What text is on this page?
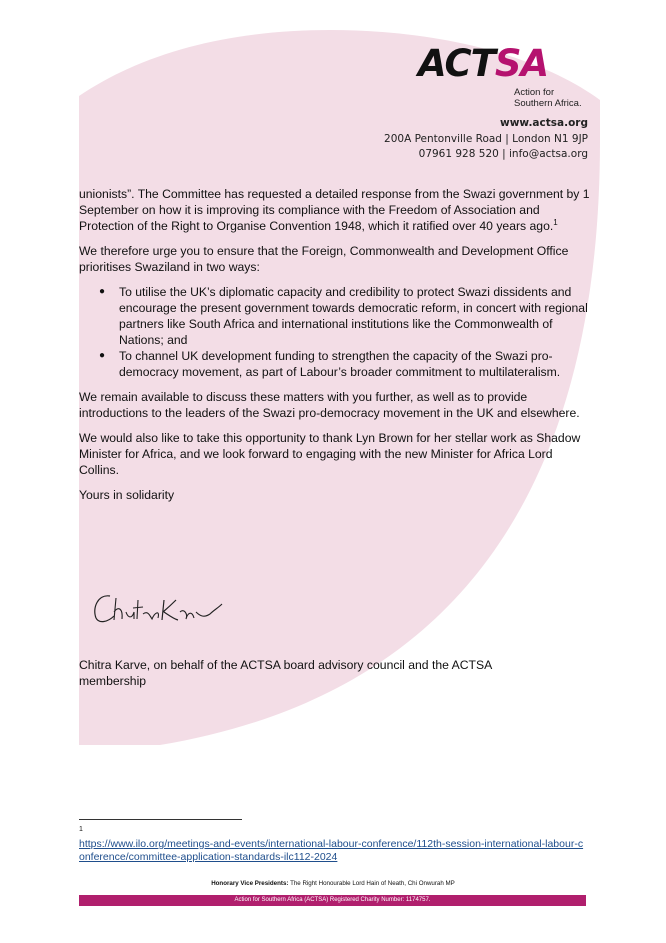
ACTSA
Action for
Southern Africa.
www.actsa.org
200A Pentonville Road | London N1 9JP
07961 928 520 | info@actsa.org

unionists”. The Committee has requested a detailed response from the Swazi government by 1 September on how it is improving its compliance with the Freedom of Association and Protection of the Right to Organise Convention 1948, which it ratified over 40 years ago.$^1$

We therefore urge you to ensure that the Foreign, Commonwealth and Development Office prioritises Swaziland in two ways:

● To utilise the UK’s diplomatic capacity and credibility to protect Swazi dissidents and encourage the present government towards democratic reform, in concert with regional partners like South Africa and international institutions like the Commonwealth of Nations; and
● To channel UK development funding to strengthen the capacity of the Swazi pro-democracy movement, as part of Labour’s broader commitment to multilateralism.

We remain available to discuss these matters with you further, as well as to provide introductions to the leaders of the Swazi pro-democracy movement in the UK and elsewhere.

We would also like to take this opportunity to thank Lyn Brown for her stellar work as Shadow Minister for Africa, and we look forward to engaging with the new Minister for Africa Lord Collins.

Yours in solidarity

Chitra Karve, on behalf of the ACTSA board advisory council and the ACTSA membership
1
https://www.ilo.org/meetings-and-events/international-labour-conference/112th-session-international-labour-conference/committee-application-standards-ilc112-2024
Honorary Vice Presidents: The Right Honourable Lord Hain of Neath, Chi Onwurah MP
Action for Southern Africa (ACTSA) Registered Charity Number: 1174757.
